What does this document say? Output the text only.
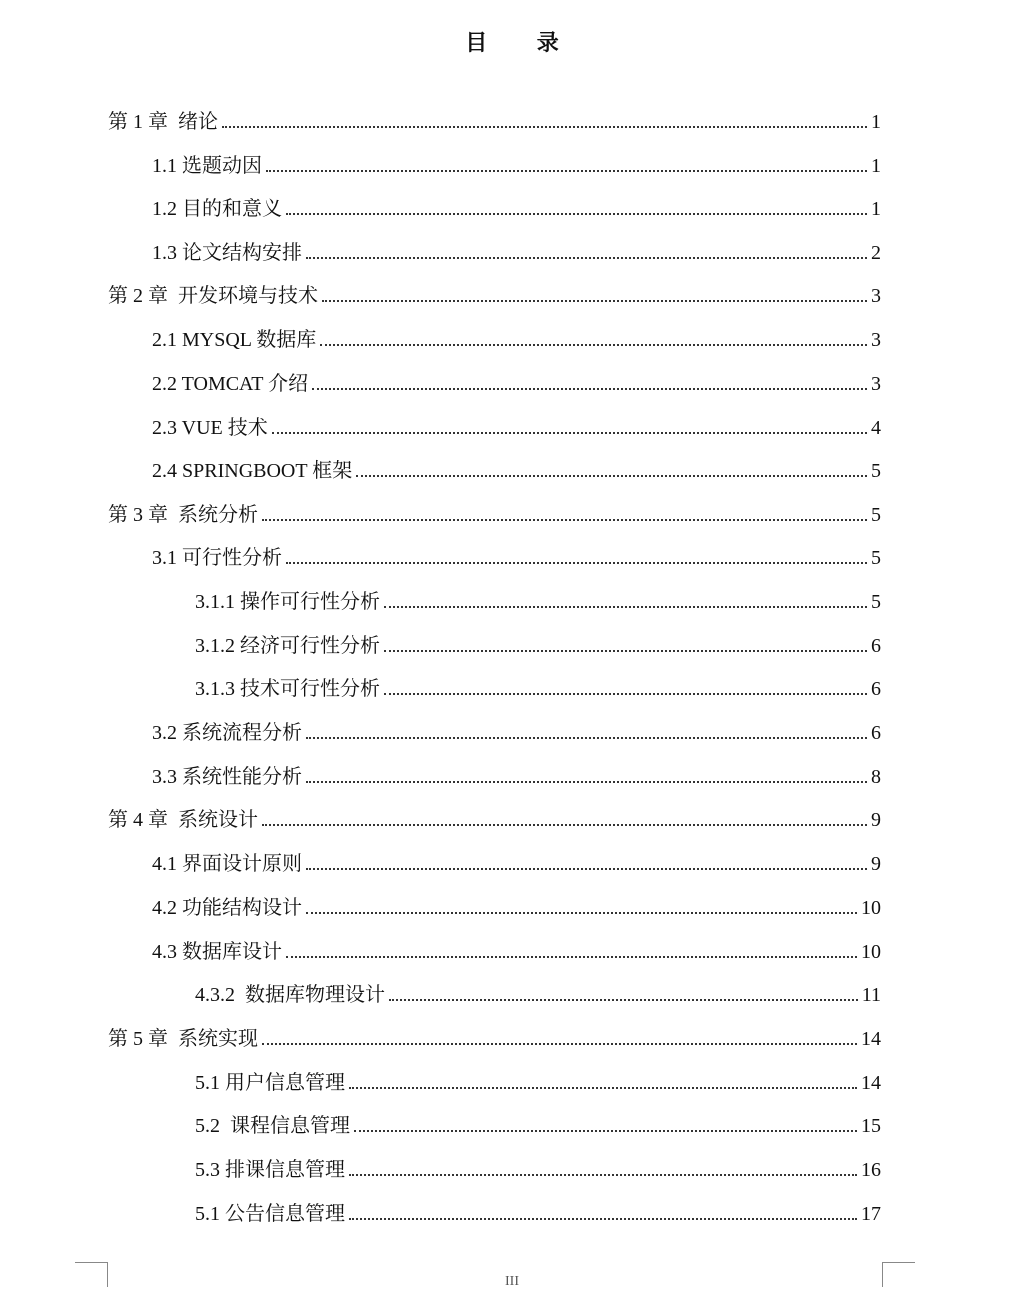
目 录
第 1 章  绪论	1
1.1 选题动因	1
1.2 目的和意义	1
1.3 论文结构安排	2
第 2 章  开发环境与技术	3
2.1 MYSQL 数据库	3
2.2 TOMCAT 介绍	3
2.3 VUE 技术	4
2.4 SPRINGBOOT 框架	5
第 3 章  系统分析	5
3.1 可行性分析	5
3.1.1 操作可行性分析	5
3.1.2 经济可行性分析	6
3.1.3 技术可行性分析	6
3.2 系统流程分析	6
3.3 系统性能分析	8
第 4 章  系统设计	9
4.1 界面设计原则	9
4.2 功能结构设计	10
4.3 数据库设计	10
4.3.2  数据库物理设计	11
第 5 章  系统实现	14
5.1 用户信息管理	14
5.2  课程信息管理	15
5.3 排课信息管理	16
5.1 公告信息管理	17
III
